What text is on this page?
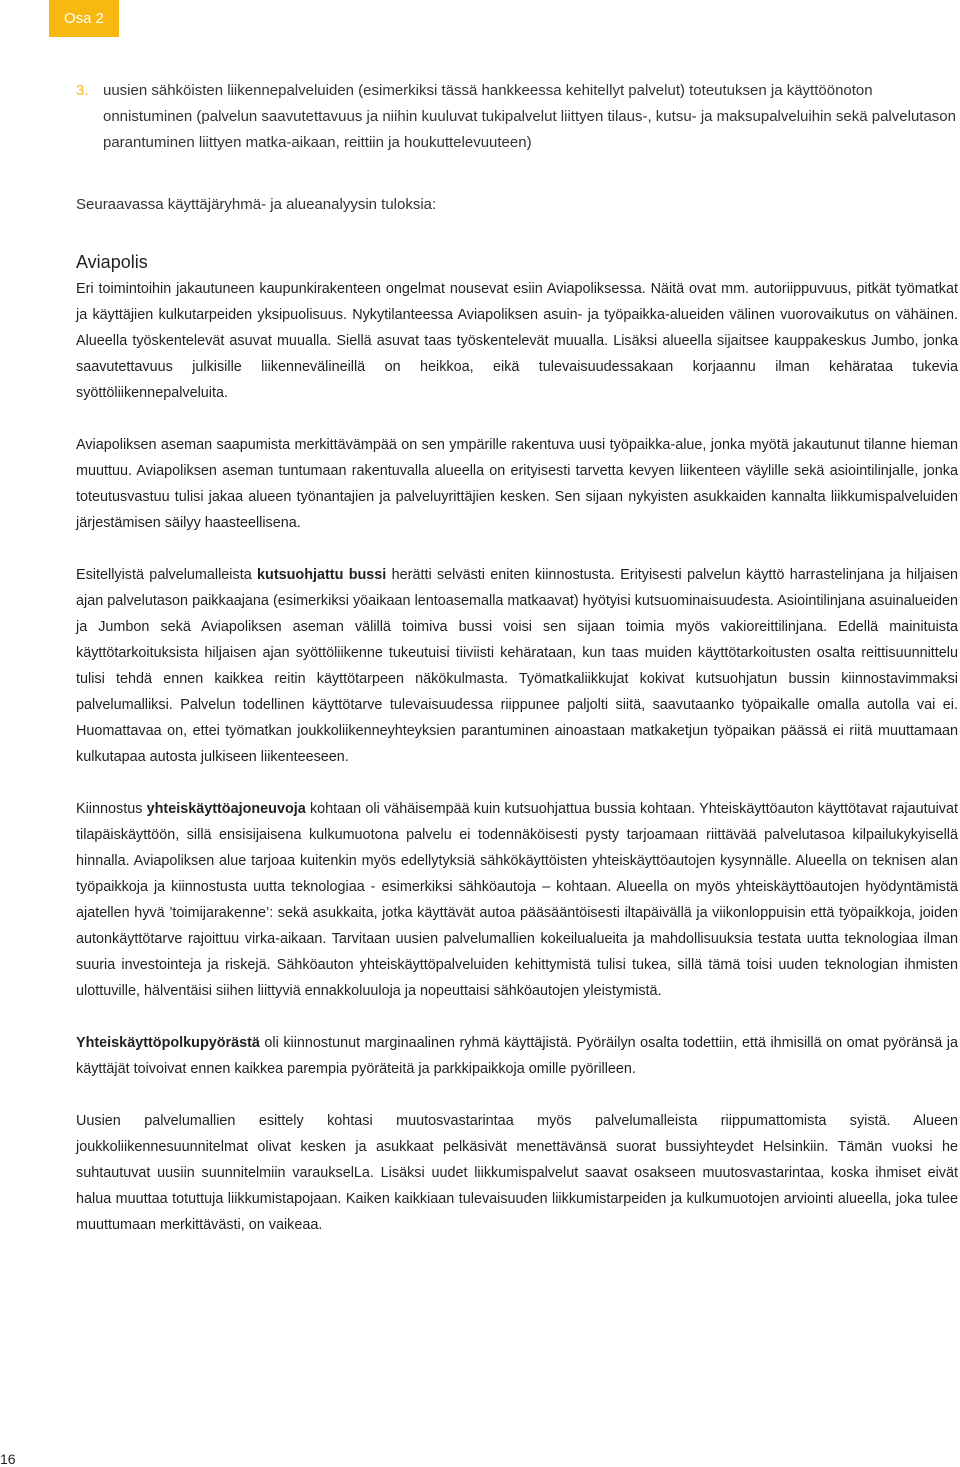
Osa 2
3. uusien sähköisten liikennepalveluiden (esimerkiksi tässä hankkeessa kehitellyt palvelut) toteutuksen ja käyttöönoton onnistuminen (palvelun saavutettavuus ja niihin kuuluvat tukipalvelut liittyen tilaus-, kutsu- ja maksupalveluihin sekä palvelutason parantuminen liittyen matka-aikaan, reittiin ja houkuttelevuuteen)
Seuraavassa käyttäjäryhmä- ja alueanalyysin tuloksia:
Aviapolis

Eri toimintoihin jakautuneen kaupunkirakenteen ongelmat nousevat esiin Aviapoliksessa. Näitä ovat mm. autoriippuvuus, pitkät työmatkat ja käyttäjien kulkutarpeiden yksipuolisuus. Nykytilanteessa Aviapoliksen asuin- ja työpaikka-alueiden välinen vuorovaikutus on vähäinen. Alueella työskentelevät asuvat muualla. Siellä asuvat taas työskentelevät muualla. Lisäksi alueella sijaitsee kauppakeskus Jumbo, jonka saavutettavuus julkisille liikennevälineillä on heikkoa, eikä tulevaisuudessakaan korjaannu ilman kehärataa tukevia syöttöliikennepalveluita.

Aviapoliksen aseman saapumista merkittävämpää on sen ympärille rakentuva uusi työpaikka-alue, jonka myötä jakautunut tilanne hieman muuttuu. Aviapoliksen aseman tuntumaan rakentuvalla alueella on erityisesti tarvetta kevyen liikenteen väylille sekä asiointilinjalle, jonka toteutusvastuu tulisi jakaa alueen työnantajien ja palveluyrittäjien kesken. Sen sijaan nykyisten asukkaiden kannalta liikkumispalveluiden järjestämisen säilyy haasteellisena.

Esitellyistä palvelumalleista kutsuohjattu bussi herätti selvästi eniten kiinnostusta. Erityisesti palvelun käyttö harrastelinjana ja hiljaisen ajan palvelutason paikkaajana (esimerkiksi yöaikaan lentoasemalla matkaavat) hyötyisi kutsuominaisuudesta. Asiointilinjana asuinalueiden ja Jumbon sekä Aviapoliksen aseman välillä toimiva bussi voisi sen sijaan toimia myös vakioreittilinjana. Edellä mainituista käyttötarkoituksista hiljaisen ajan syöttöliikenne tukeutuisi tiiviisti kehärataan, kun taas muiden käyttötarkoitusten osalta reittisuunnittelu tulisi tehdä ennen kaikkea reitin käyttötarpeen näkökulmasta. Työmatkaliikkujat kokivat kutsuohjatun bussin kiinnostavimmaksi palvelumalliksi. Palvelun todellinen käyttötarve tulevaisuudessa riippunee paljolti siitä, saavutaanko työpaikalle omalla autolla vai ei. Huomattavaa on, ettei työmatkan joukkoliikenneyhteyksien parantuminen ainoastaan matkaketjun työpaikan päässä ei riitä muuttamaan kulkutapaa autosta julkiseen liikenteeseen.

Kiinnostus yhteiskäyttöajoneuvoja kohtaan oli vähäisempää kuin kutsuohjattua bussia kohtaan. Yhteiskäyttöauton käyttötavat rajautuivat tilapäiskäyttöön, sillä ensisijaisena kulkumuotona palvelu ei todennäköisesti pysty tarjoamaan riittävää palvelutasoa kilpailukykyisellä hinnalla. Aviapoliksen alue tarjoaa kuitenkin myös edellytyksiä sähkökäyttöisten yhteiskäyttöautojen kysynnälle. Alueella on teknisen alan työpaikkoja ja kiinnostusta uutta teknologiaa - esimerkiksi sähköautoja – kohtaan. Alueella on myös yhteiskäyttöautojen hyödyntämistä ajatellen hyvä ’toimijarakenne’: sekä asukkaita, jotka käyttävät autoa pääsääntöisesti iltapäivällä ja viikonloppuisin että työpaikkoja, joiden autonkäyttötarve rajoittuu virka-aikaan. Tarvitaan uusien palvelumallien kokeilualueita ja mahdollisuuksia testata uutta teknologiaa ilman suuria investointeja ja riskejä. Sähköauton yhteiskäyttöpalveluiden kehittymistä tulisi tukea, sillä tämä toisi uuden teknologian ihmisten ulottuville, hälventäisi siihen liittyviä ennakkoluuloja ja nopeuttaisi sähköautojen yleistymistä.

Yhteiskäyttöpolkupyörästä oli kiinnostunut marginaalinen ryhmä käyttäjistä. Pyöräilyn osalta todettiin, että ihmisillä on omat pyöränsä ja käyttäjät toivoivat ennen kaikkea parempia pyöräteitä ja parkkipaikkoja omille pyörilleen.

Uusien palvelumallien esittely kohtasi muutosvastarintaa myös palvelumalleista riippumattomista syistä. Alueen joukkoliikennesuunnitelmat olivat kesken ja asukkaat pelkäsivät menettävänsä suorat bussiyhteydet Helsinkiin. Tämän vuoksi he suhtautuvat uusiin suunnitelmiin varaukselLa. Lisäksi uudet liikkumispalvelut saavat osakseen muutosvastarintaa, koska ihmiset eivät halua muuttaa totuttuja liikkumistapojaan. Kaiken kaikkiaan tulevaisuuden liikkumistarpeiden ja kulkumuotojen arviointi alueella, joka tulee muuttumaan merkittävästi, on vaikeaa.

16
